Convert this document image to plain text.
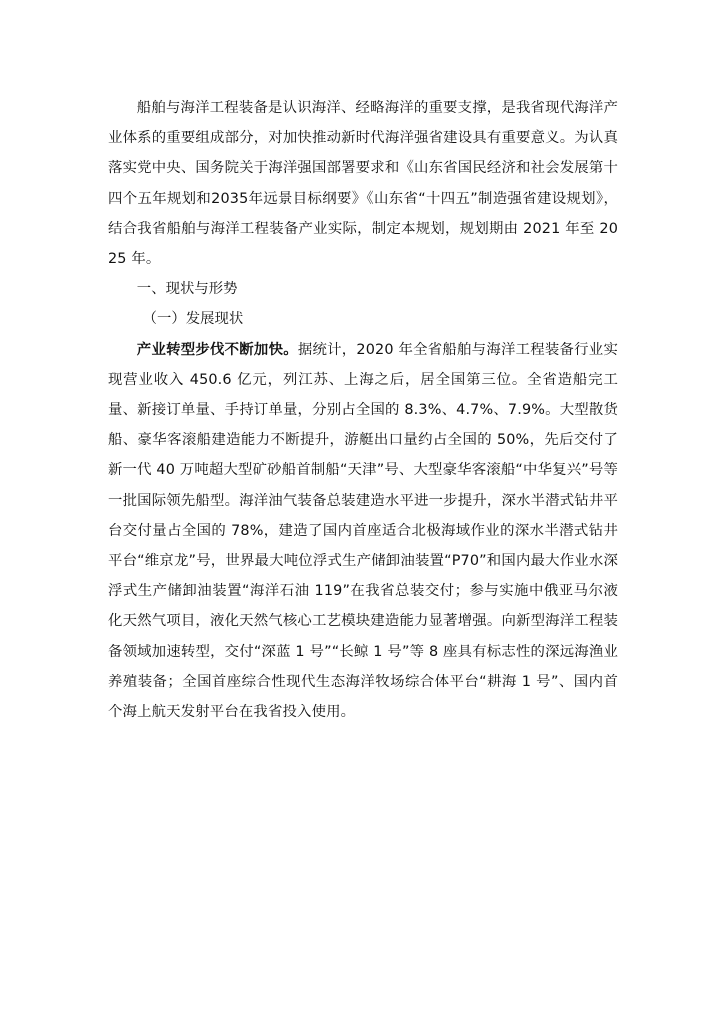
船舶与海洋工程装备是认识海洋、经略海洋的重要支撑，是我省现代海洋产业体系的重要组成部分，对加快推动新时代海洋强省建设具有重要意义。为认真落实党中央、国务院关于海洋强国部署要求和《山东省国民经济和社会发展第十四个五年规划和2035年远景目标纲要》《山东省“十四五”制造强省建设规划》，结合我省船舶与海洋工程装备产业实际，制定本规划，规划期由 2021 年至 2025 年。

一、现状与形势

（一）发展现状

产业转型步伐不断加快。据统计，2020 年全省船舶与海洋工程装备行业实现营业收入 450.6 亿元，列江苏、上海之后，居全国第三位。全省造船完工量、新接订单量、手持订单量，分别占全国的 8.3%、4.7%、7.9%。大型散货船、豪华客滚船建造能力不断提升，游艇出口量约占全国的 50%，先后交付了新一代 40 万吨超大型矿砂船首制船“天津”号、大型豪华客滚船“中华复兴”号等一批国际领先船型。海洋油气装备总装建造水平进一步提升，深水半潜式钻井平台交付量占全国的 78%，建造了国内首座适合北极海域作业的深水半潜式钻井平台“维京龙”号，世界最大吨位浮式生产储卸油装置“P70”和国内最大作业水深浮式生产储卸油装置“海洋石油 119”在我省总装交付；参与实施中俄亚马尔液化天然气项目，液化天然气核心工艺模块建造能力显著增强。向新型海洋工程装备领域加速转型，交付“深蓝 1 号”“长鲸 1 号”等 8 座具有标志性的深远海渔业养殖装备；全国首座综合性现代生态海洋牧场综合体平台“耕海 1 号”、国内首个海上航天发射平台在我省投入使用。
